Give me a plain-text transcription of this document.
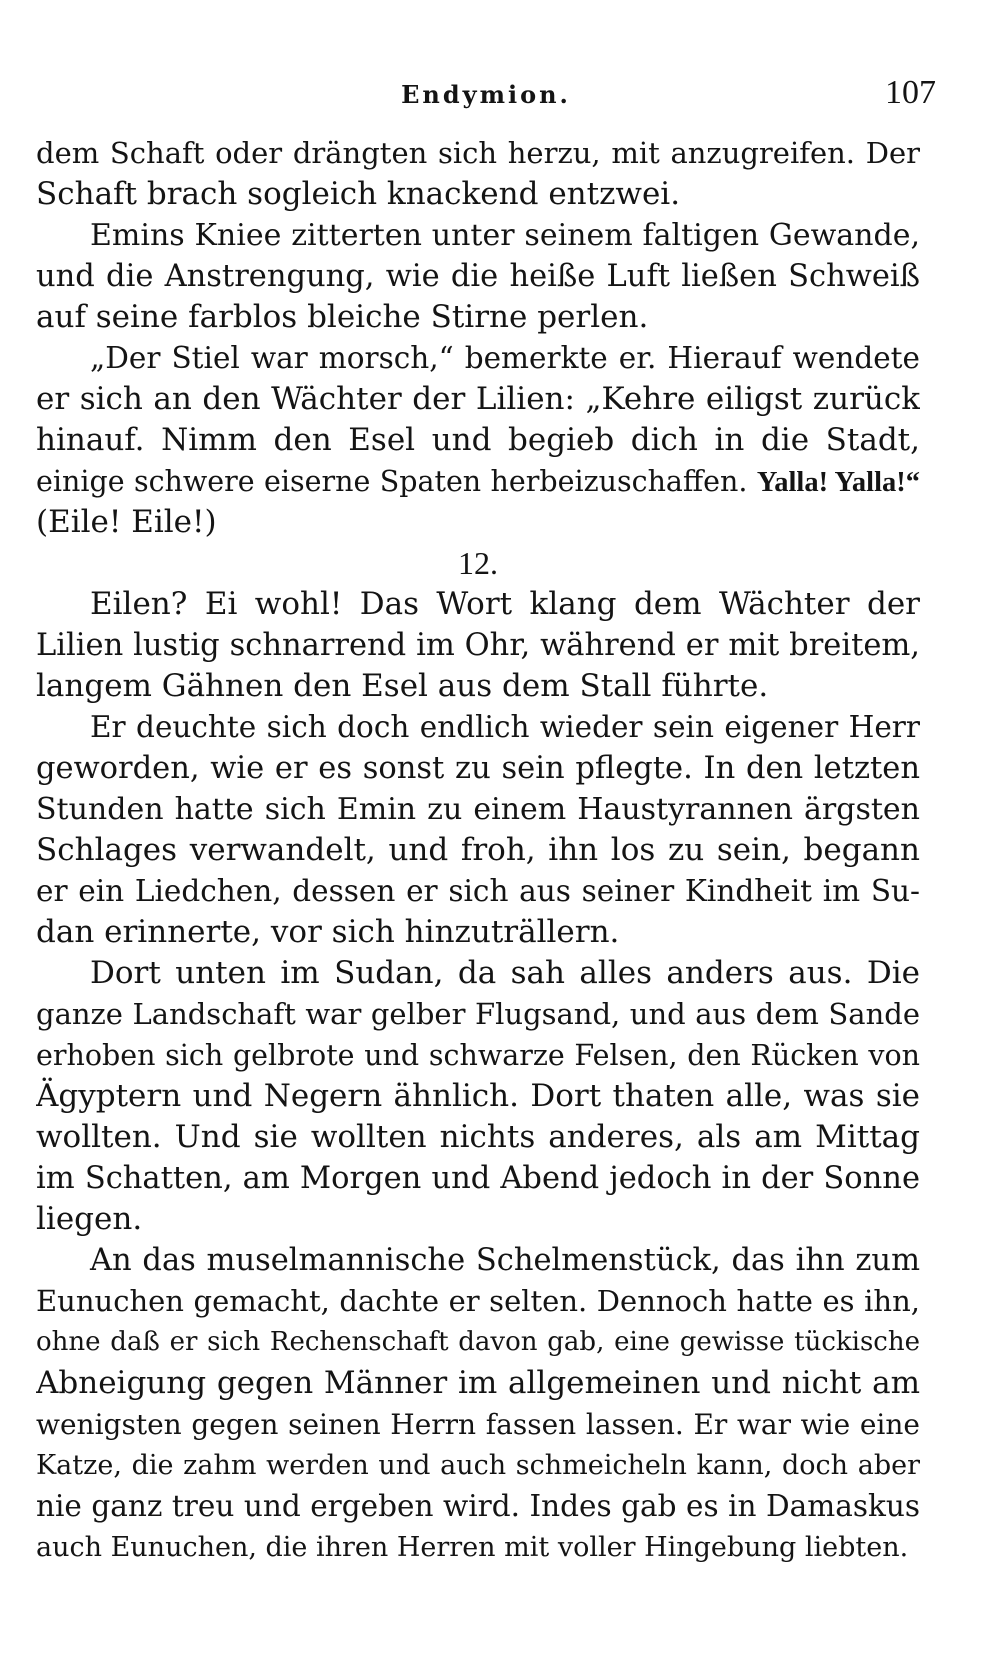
Endymion.	107
dem Schaft oder drängten sich herzu, mit anzugreifen. Der
Schaft brach sogleich knackend entzwei.
Emins Kniee zitterten unter seinem faltigen Gewande,
und die Anstrengung, wie die heiße Luft ließen Schweiß
auf seine farblos bleiche Stirne perlen.
„Der Stiel war morsch,“ bemerkte er. Hierauf wendete
er sich an den Wächter der Lilien: „Kehre eiligst zurück
hinauf. Nimm den Esel und begieb dich in die Stadt,
einige schwere eiserne Spaten herbeizuschaffen. Yalla! Yalla!“
(Eile! Eile!)
12.
Eilen? Ei wohl! Das Wort klang dem Wächter der
Lilien lustig schnarrend im Ohr, während er mit breitem,
langem Gähnen den Esel aus dem Stall führte.
Er deuchte sich doch endlich wieder sein eigener Herr
geworden, wie er es sonst zu sein pflegte. In den letzten
Stunden hatte sich Emin zu einem Haustyrannen ärgsten
Schlages verwandelt, und froh, ihn los zu sein, begann
er ein Liedchen, dessen er sich aus seiner Kindheit im Su-
dan erinnerte, vor sich hinzuträllern.
Dort unten im Sudan, da sah alles anders aus. Die
ganze Landschaft war gelber Flugsand, und aus dem Sande
erhoben sich gelbrote und schwarze Felsen, den Rücken von
Ägyptern und Negern ähnlich. Dort thaten alle, was sie
wollten. Und sie wollten nichts anderes, als am Mittag
im Schatten, am Morgen und Abend jedoch in der Sonne
liegen.
An das muselmannische Schelmenstück, das ihn zum
Eunuchen gemacht, dachte er selten. Dennoch hatte es ihn,
ohne daß er sich Rechenschaft davon gab, eine gewisse tückische
Abneigung gegen Männer im allgemeinen und nicht am
wenigsten gegen seinen Herrn fassen lassen. Er war wie eine
Katze, die zahm werden und auch schmeicheln kann, doch aber
nie ganz treu und ergeben wird. Indes gab es in Damaskus
auch Eunuchen, die ihren Herren mit voller Hingebung liebten.
